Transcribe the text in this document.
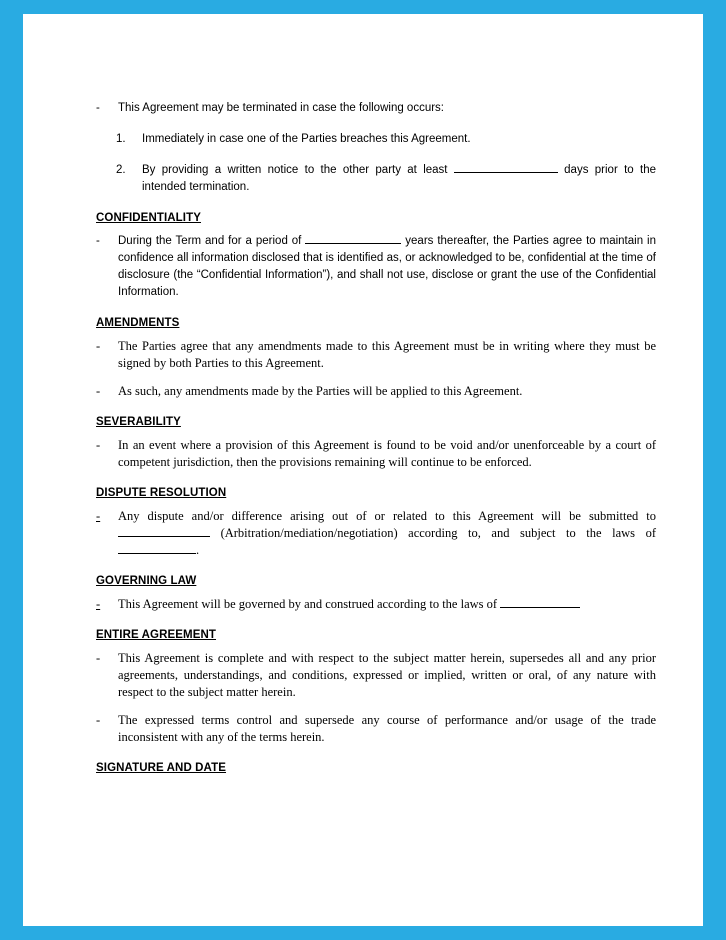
-	This Agreement may be terminated in case the following occurs:
1.	Immediately in case one of the Parties breaches this Agreement.
2.	By providing a written notice to the other party at least	days prior to the intended termination.
CONFIDENTIALITY
-	During the Term and for a period of	years thereafter, the Parties agree to maintain in confidence all information disclosed that is identified as, or acknowledged to be, confidential at the time of disclosure (the “Confidential Information”), and shall not use, disclose or grant the use of the Confidential Information.
AMENDMENTS
-	The Parties agree that any amendments made to this Agreement must be in writing where they must be signed by both Parties to this Agreement.
-	As such, any amendments made by the Parties will be applied to this Agreement.
SEVERABILITY
-	In an event where a provision of this Agreement is found to be void and/or unenforceable by a court of competent jurisdiction, then the provisions remaining will continue to be enforced.
DISPUTE RESOLUTION
-	Any dispute and/or difference arising out of or related to this Agreement will be submitted to  (Arbitration/mediation/negotiation) according to, and subject to the laws of .
GOVERNING LAW
-	This Agreement will be governed by and construed according to the laws of
ENTIRE AGREEMENT
-	This Agreement is complete and with respect to the subject matter herein, supersedes all and any prior agreements, understandings, and conditions, expressed or implied, written or oral, of any nature with respect to the subject matter herein.
-	The expressed terms control and supersede any course of performance and/or usage of the trade inconsistent with any of the terms herein.
SIGNATURE AND DATE
